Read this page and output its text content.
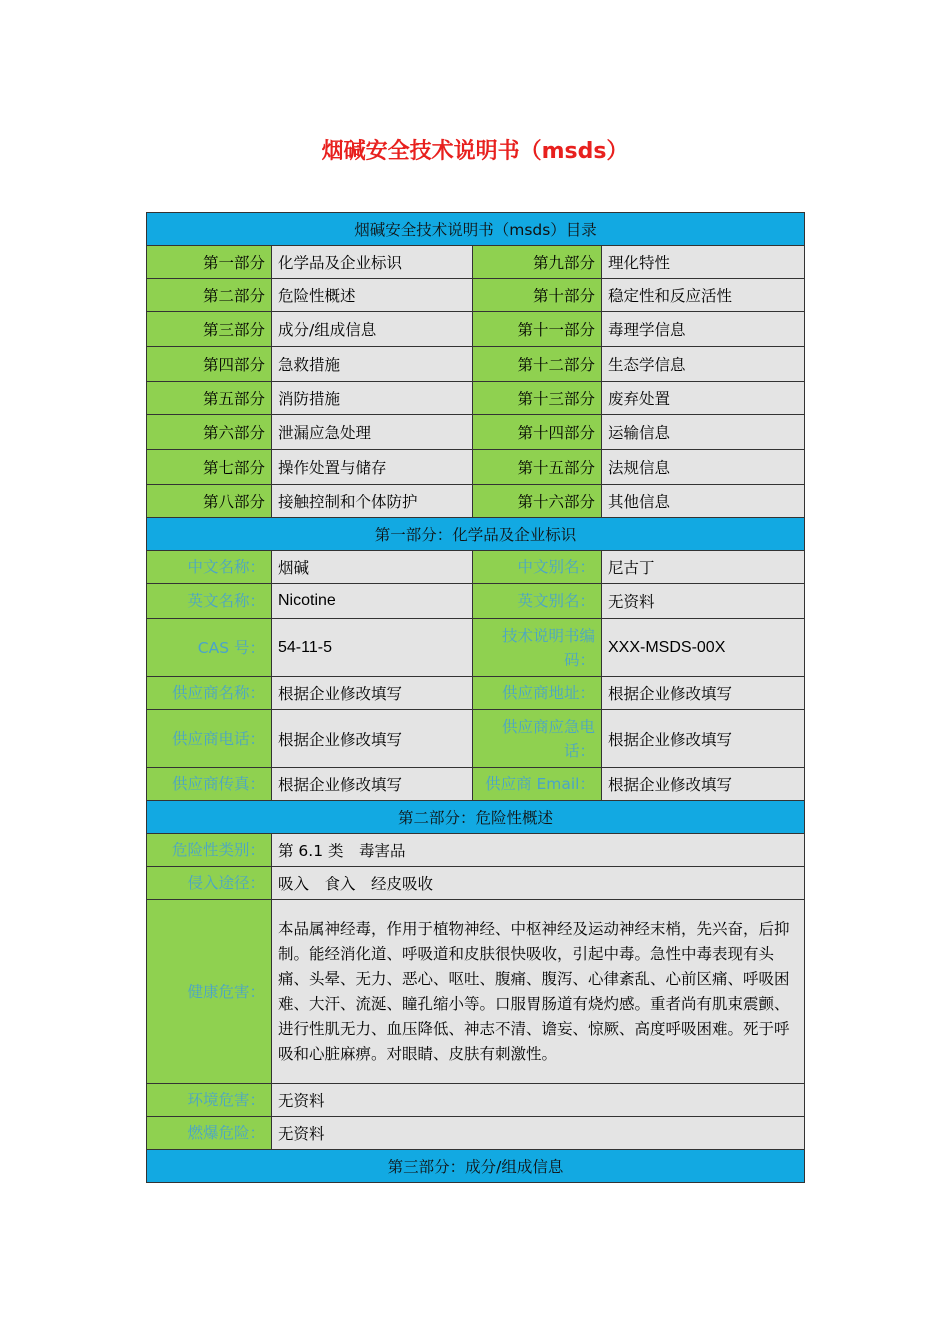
烟碱安全技术说明书（msds）
烟碱安全技术说明书（msds）目录			
第一部分	化学品及企业标识	第九部分	理化特性
第二部分	危险性概述	第十部分	稳定性和反应活性
第三部分	成分/组成信息	第十一部分	毒理学信息
第四部分	急救措施	第十二部分	生态学信息
第五部分	消防措施	第十三部分	废弃处置
第六部分	泄漏应急处理	第十四部分	运输信息
第七部分	操作处置与储存	第十五部分	法规信息
第八部分	接触控制和个体防护	第十六部分	其他信息
第一部分：化学品及企业标识			
中文名称：	烟碱	中文别名：	尼古丁
英文名称：	Nicotine	英文别名：	无资料
CAS 号：	54-11-5	技术说明书编码：	XXX-MSDS-00X
供应商名称：	根据企业修改填写	供应商地址：	根据企业修改填写
供应商电话：	根据企业修改填写	供应商应急电话：	根据企业修改填写
供应商传真：	根据企业修改填写	供应商 Email：	根据企业修改填写
第二部分：危险性概述			
危险性类别：	第 6.1 类　毒害品		
侵入途径：	吸入　食入　经皮吸收		
健康危害：	本品属神经毒，作用于植物神经、中枢神经及运动神经末梢，先兴奋，后抑制。能经消化道、呼吸道和皮肤很快吸收，引起中毒。急性中毒表现有头痛、头晕、无力、恶心、呕吐、腹痛、腹泻、心律紊乱、心前区痛、呼吸困难、大汗、流涎、瞳孔缩小等。口服胃肠道有烧灼感。重者尚有肌束震颤、进行性肌无力、血压降低、神志不清、谵妄、惊厥、高度呼吸困难。死于呼吸和心脏麻痹。对眼睛、皮肤有刺激性。		
环境危害：	无资料		
燃爆危险：	无资料		
第三部分：成分/组成信息			
